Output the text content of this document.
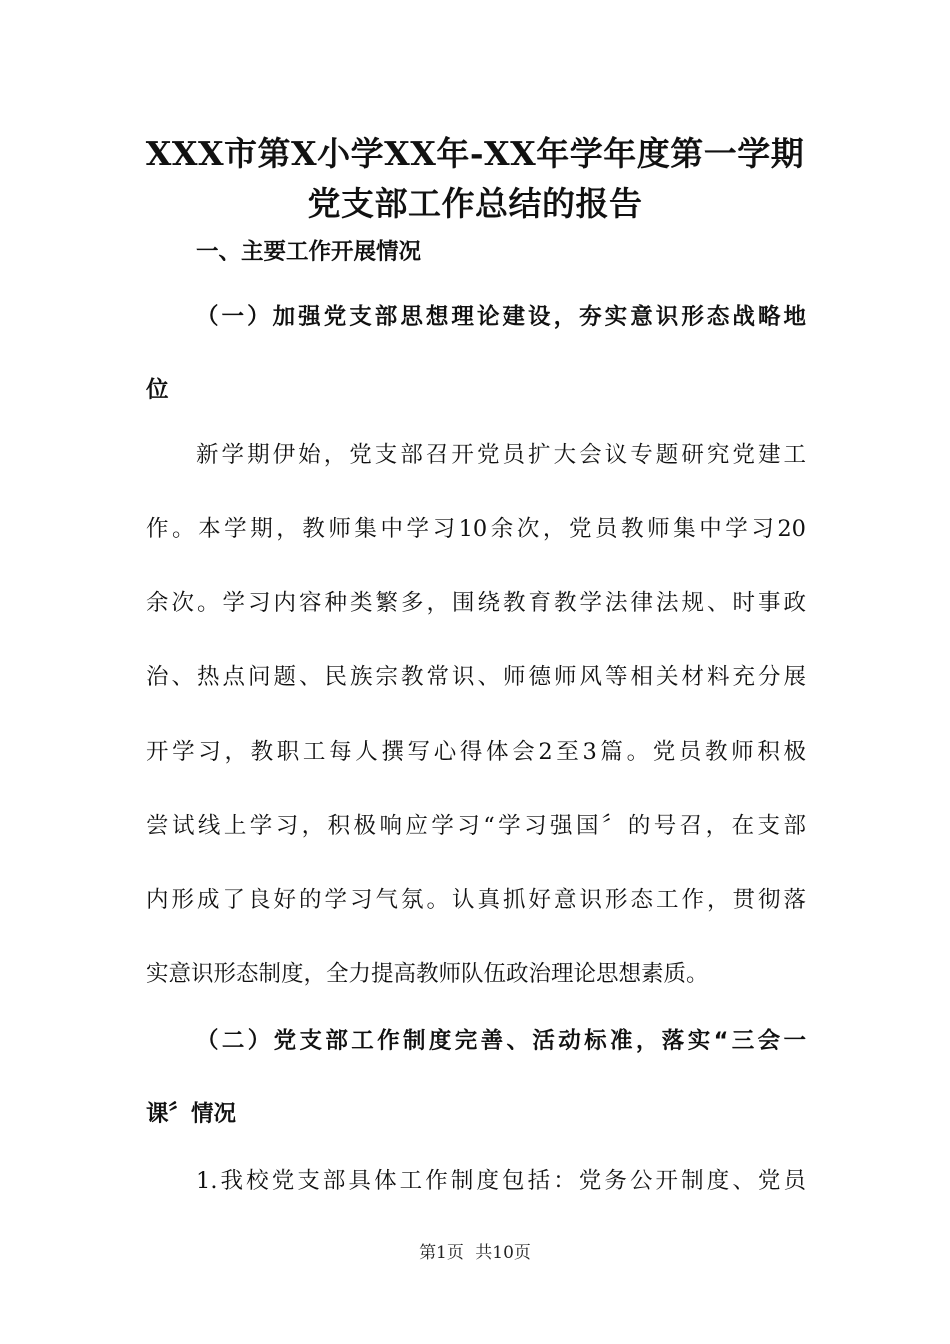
XXX市第X小学XX年-XX年学年度第一学期
党支部工作总结的报告
一、主要工作开展情况
（一）加强党支部思想理论建设，夯实意识形态战略地
位
新学期伊始，党支部召开党员扩大会议专题研究党建工
作。本学期，教师集中学习10余次，党员教师集中学习20
余次。学习内容种类繁多，围绕教育教学法律法规、时事政
治、热点问题、民族宗教常识、师德师风等相关材料充分展
开学习，教职工每人撰写心得体会2至3篇。党员教师积极
尝试线上学习，积极响应学习“学习强国〞的号召，在支部
内形成了良好的学习气氛。认真抓好意识形态工作，贯彻落
实意识形态制度，全力提高教师队伍政治理论思想素质。
（二）党支部工作制度完善、活动标准，落实“三会一
课〞情况
1.我校党支部具体工作制度包括：党务公开制度、党员
第1页 共10页
